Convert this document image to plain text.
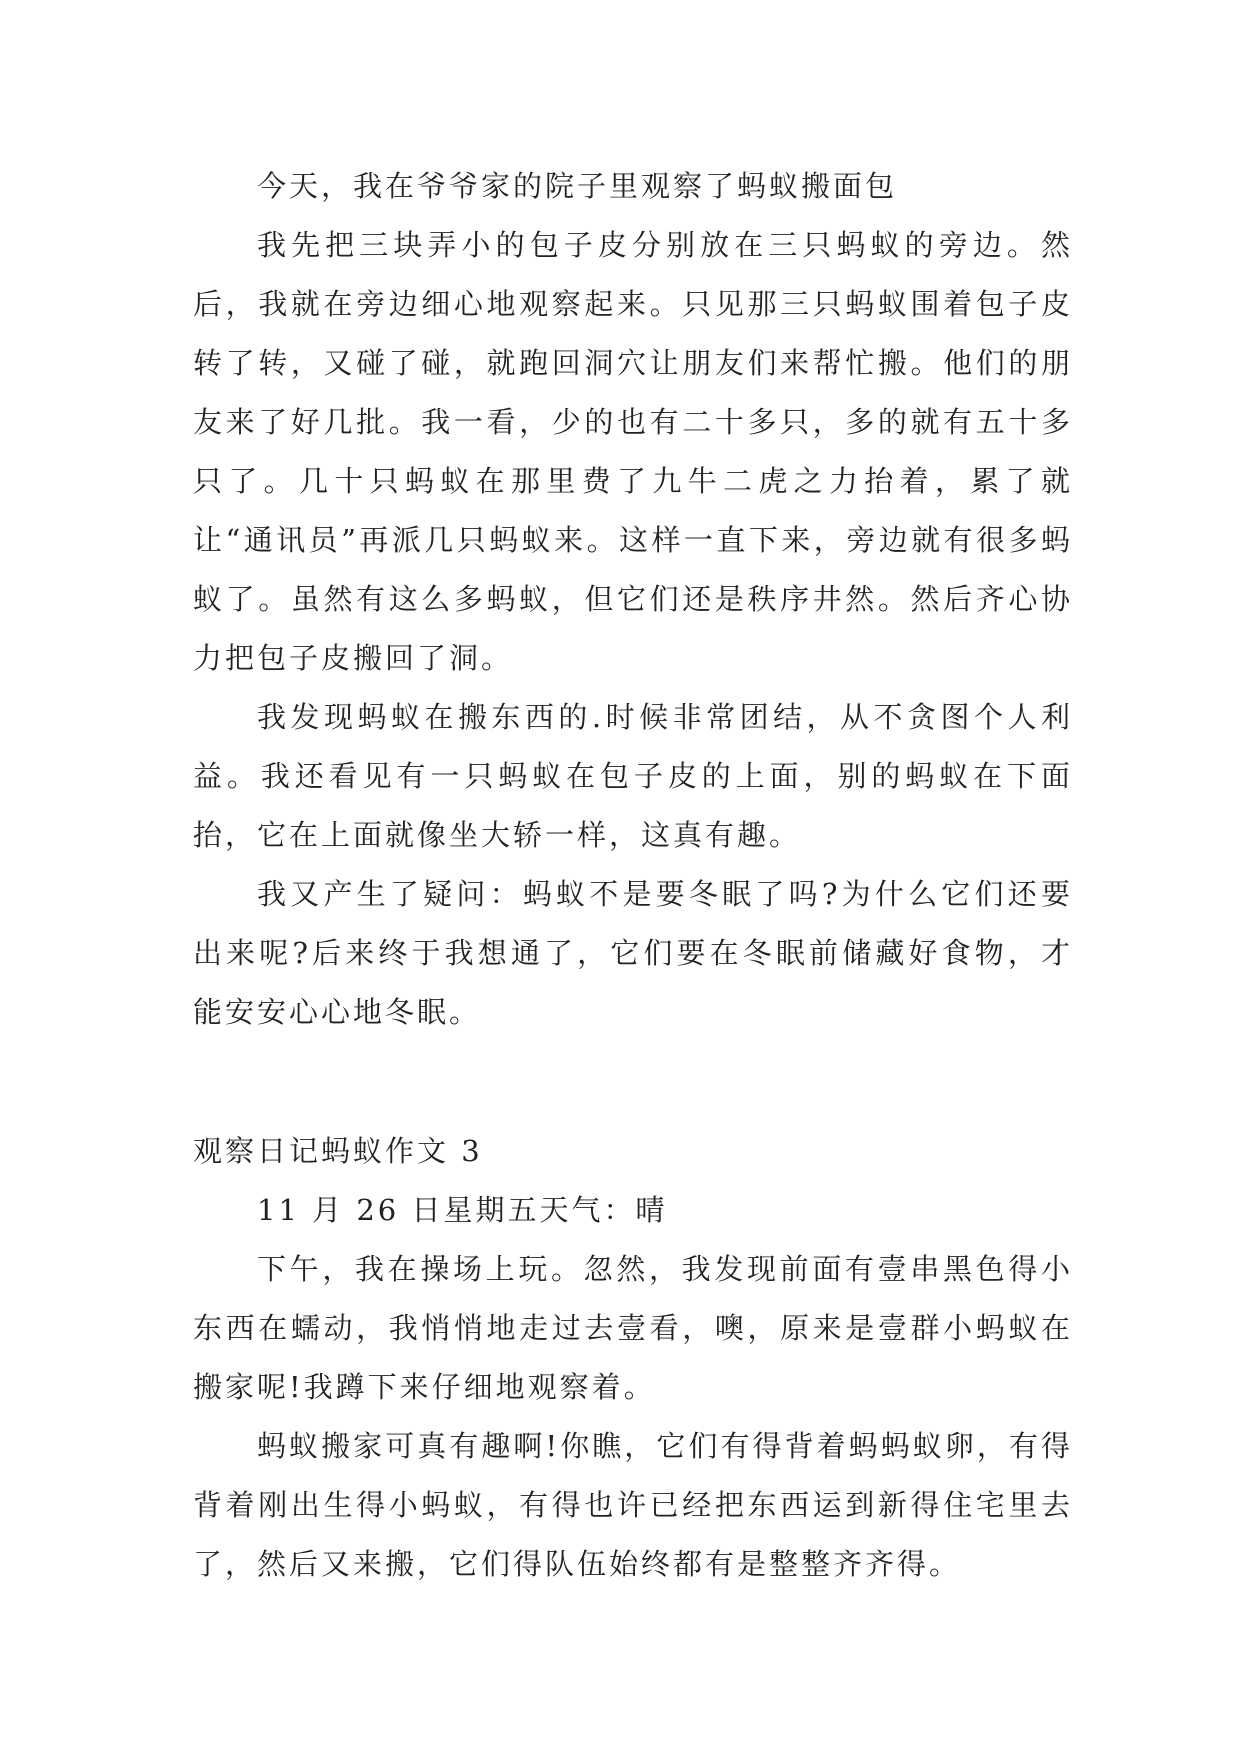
今天，我在爷爷家的院子里观察了蚂蚁搬面包

我先把三块弄小的包子皮分别放在三只蚂蚁的旁边。然后，我就在旁边细心地观察起来。只见那三只蚂蚁围着包子皮转了转，又碰了碰，就跑回洞穴让朋友们来帮忙搬。他们的朋友来了好几批。我一看，少的也有二十多只，多的就有五十多只了。几十只蚂蚁在那里费了九牛二虎之力抬着，累了就让“通讯员”再派几只蚂蚁来。这样一直下来，旁边就有很多蚂蚁了。虽然有这么多蚂蚁，但它们还是秩序井然。然后齐心协力把包子皮搬回了洞。

我发现蚂蚁在搬东西的.时候非常团结，从不贪图个人利益。我还看见有一只蚂蚁在包子皮的上面，别的蚂蚁在下面抬，它在上面就像坐大轿一样，这真有趣。

我又产生了疑问：蚂蚁不是要冬眠了吗?为什么它们还要出来呢?后来终于我想通了，它们要在冬眠前储藏好食物，才能安安心心地冬眠。

观察日记蚂蚁作文 3

11 月 26 日星期五天气：晴

下午，我在操场上玩。忽然，我发现前面有壹串黑色得小东西在蠕动，我悄悄地走过去壹看，噢，原来是壹群小蚂蚁在搬家呢!我蹲下来仔细地观察着。

蚂蚁搬家可真有趣啊!你瞧，它们有得背着蚂蚂蚁卵，有得背着刚出生得小蚂蚁，有得也许已经把东西运到新得住宅里去了，然后又来搬，它们得队伍始终都有是整整齐齐得。
